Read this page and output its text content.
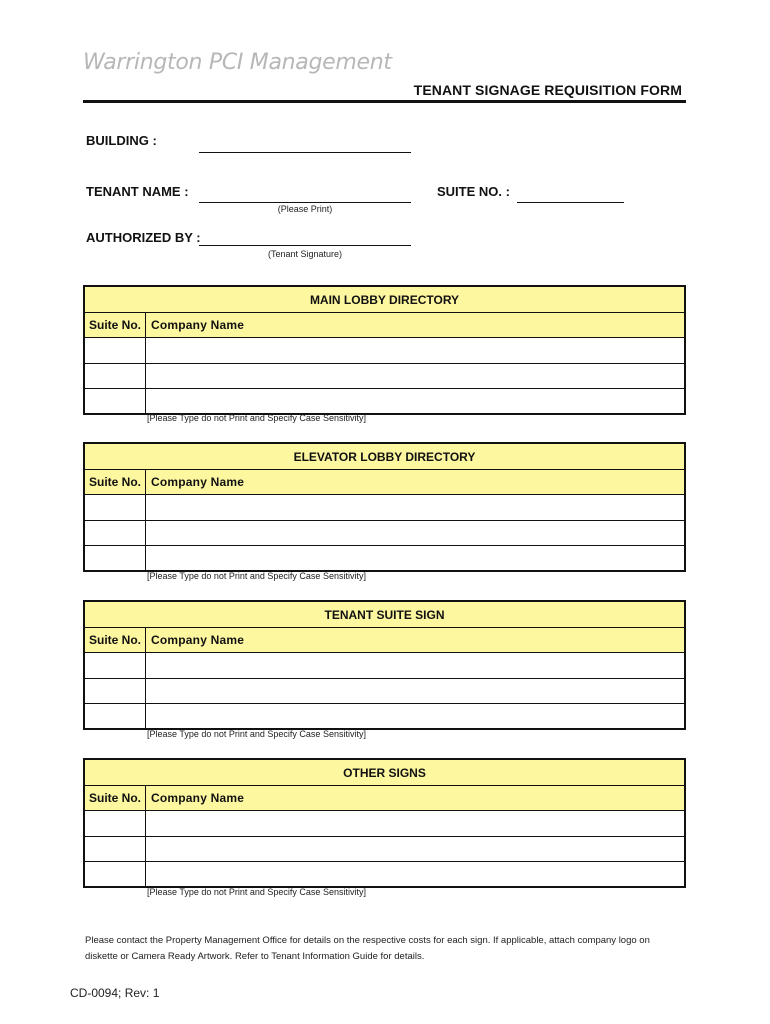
Warrington PCI Management
TENANT SIGNAGE REQUISITION FORM
BUILDING :
TENANT NAME :
(Please Print)
SUITE NO. :
AUTHORIZED BY :
(Tenant Signature)
MAIN LOBBY DIRECTORY
Suite No. Company Name
[Please Type do not Print and Specify Case Sensitivity]
ELEVATOR LOBBY DIRECTORY
Suite No. Company Name
[Please Type do not Print and Specify Case Sensitivity]
TENANT SUITE SIGN
Suite No. Company Name
[Please Type do not Print and Specify Case Sensitivity]
OTHER SIGNS
Suite No. Company Name
[Please Type do not Print and Specify Case Sensitivity]
Please contact the Property Management Office for details on the respective costs for each sign. If applicable, attach company logo on diskette or Camera Ready Artwork. Refer to Tenant Information Guide for details.
CD-0094; Rev: 1
